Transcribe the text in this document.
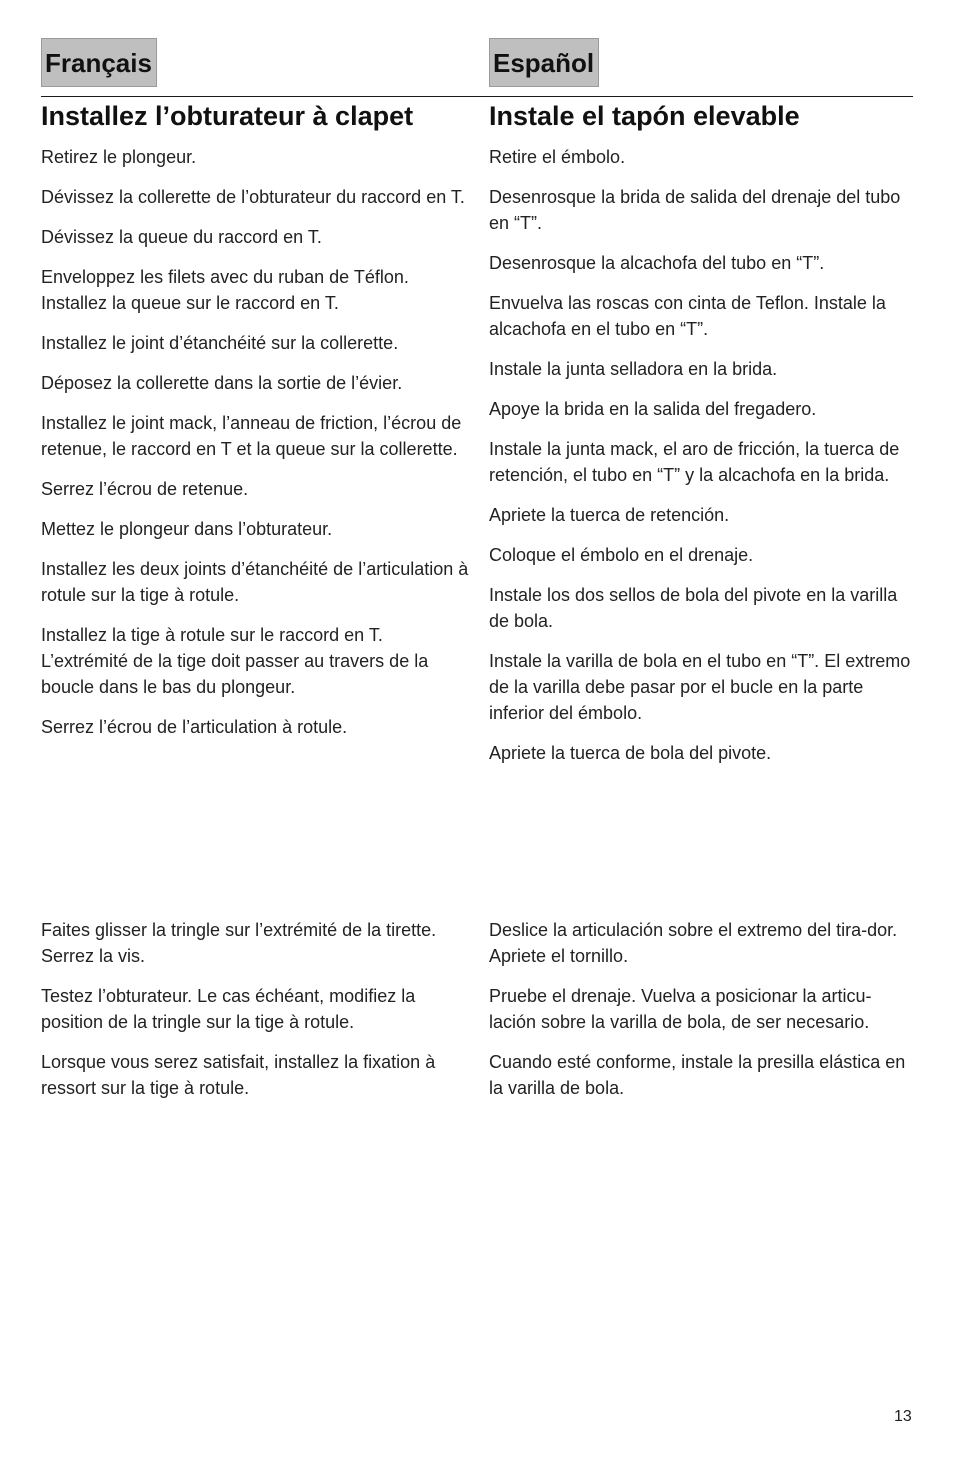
Français
Installez l’obturateur à clapet
Retirez le plongeur.
Dévissez la collerette de l’obturateur du raccord en T.
Dévissez la queue du raccord en T.
Enveloppez les filets avec du ruban de Téflon. Installez la queue sur le raccord en T.
Installez le joint d’étanchéité sur la collerette.
Déposez la collerette dans la sortie de l’évier.
Installez le joint mack, l’anneau de friction, l’écrou de retenue, le raccord en T et la queue sur la collerette.
Serrez l’écrou de retenue.
Mettez le plongeur dans l’obturateur.
Installez les deux joints d’étanchéité de l’articulation à rotule sur la tige à rotule.
Installez la tige à rotule sur le raccord en T. L’extrémité de la tige doit passer au travers de la boucle dans le bas du plongeur.
Serrez l’écrou de l’articulation à rotule.
Faites glisser la tringle sur l’extrémité de la tirette. Serrez la vis.
Testez l’obturateur. Le cas échéant, modifiez la position de la tringle sur la tige à rotule.
Lorsque vous serez satisfait, installez la fixation à ressort sur la tige à rotule.
Español
Instale el tapón elevable
Retire el émbolo.
Desenrosque la brida de salida del drenaje del tubo en “T”.
Desenrosque la alcachofa del tubo en “T”.
Envuelva las roscas con cinta de Teflon. Instale la alcachofa en el tubo en “T”.
Instale la junta selladora en la brida.
Apoye la brida en la salida del fregadero.
Instale la junta mack, el aro de fricción, la tuerca de retención, el tubo en “T” y la alcachofa en la brida.
Apriete la tuerca de retención.
Coloque el émbolo en el drenaje.
Instale los dos sellos de bola del pivote en la varilla de bola.
Instale la varilla de bola en el tubo en “T”. El extremo de la varilla debe pasar por el bucle en la parte inferior del émbolo.
Apriete la tuerca de bola del pivote.
Deslice la articulación sobre el extremo del tira-dor. Apriete el tornillo.
Pruebe el drenaje. Vuelva a posicionar la articu-lación sobre la varilla de bola, de ser necesario.
Cuando esté conforme, instale la presilla elástica en la varilla de bola.
13
